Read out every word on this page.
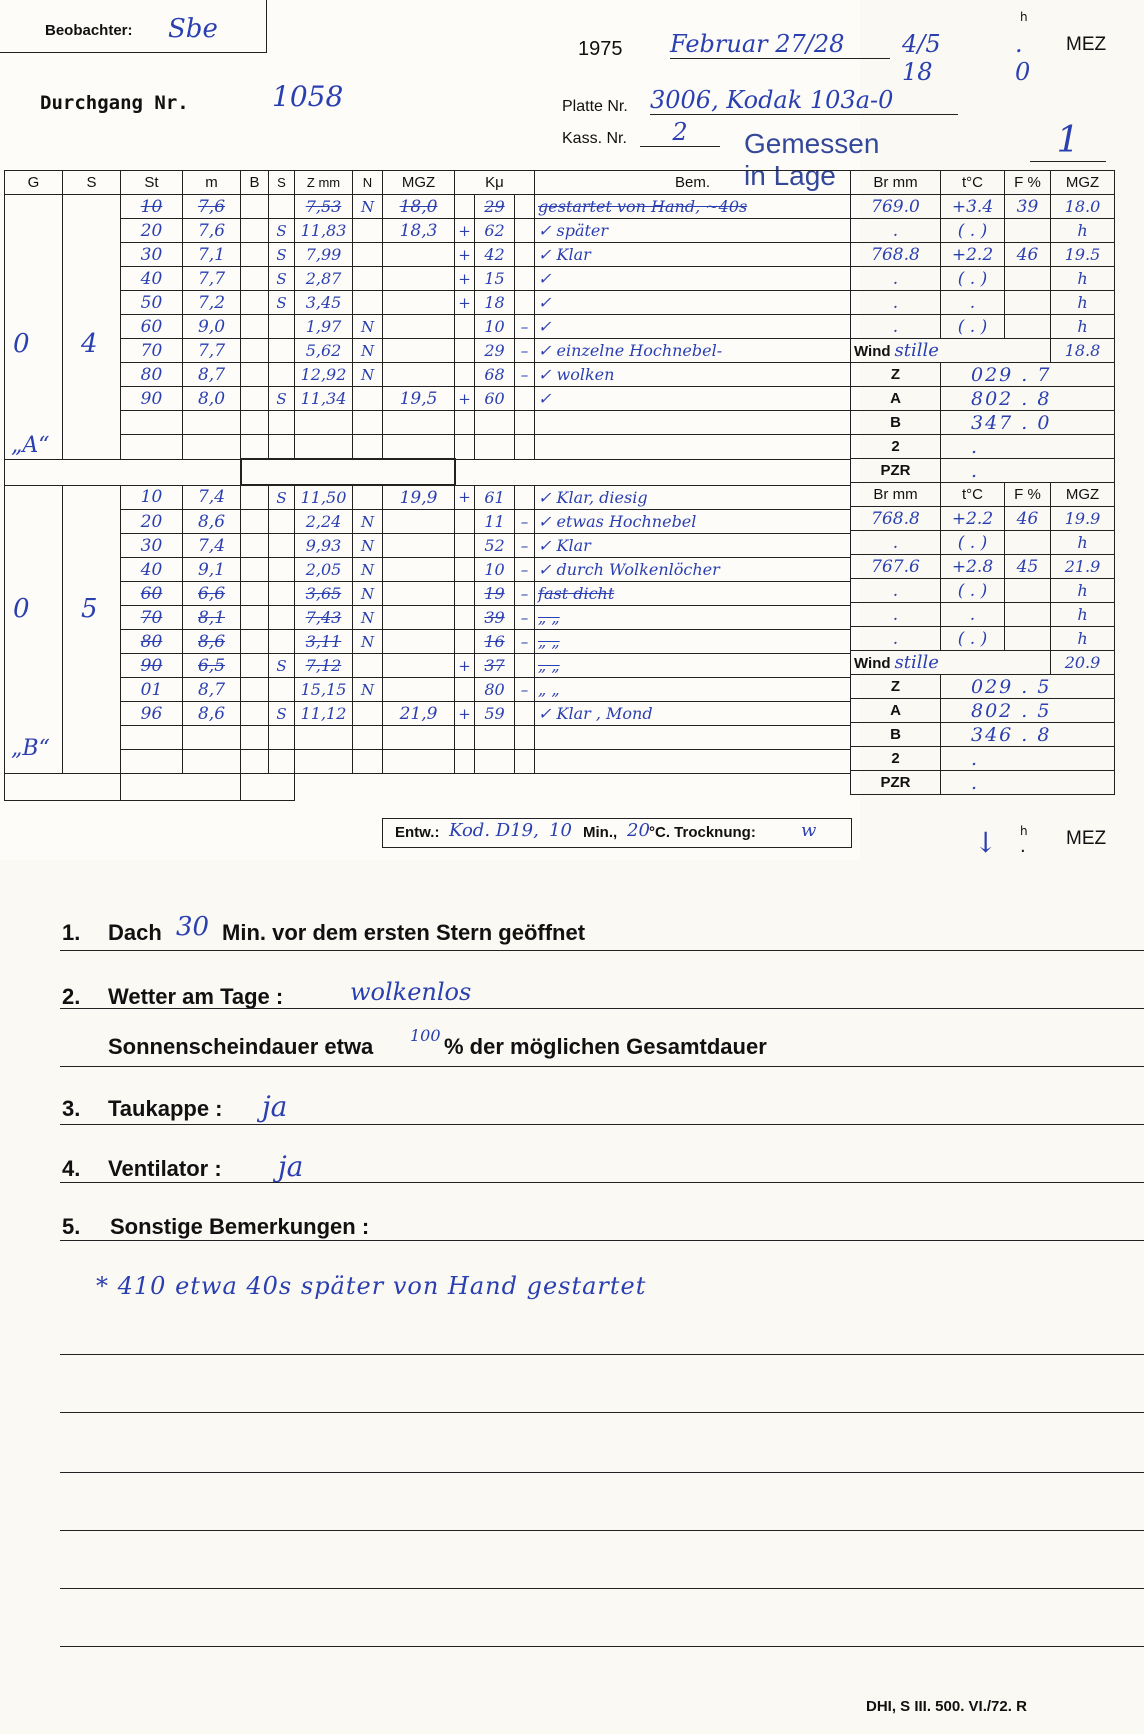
Beobachter: Sbe
1975 Februar 27/28	4/5 18
h
. 0
MEZ
Durchgang Nr.	1058	Platte Nr. 3006, Kodak 103a-0
Kass. Nr.	2	Gemessen in Lage
1
G	S	St	m	B	S	Z mm	N	MGZ	Kμ			Bem.

0
„A“	4	10	7,6			7,53	N	18,0		29		gestartet von Hand, ~40s
		20	7,6		S	11,83		18,3	+	62		✓ später
		30	7,1		S	7,99			+	42		✓ Klar
		40	7,7		S	2,87			+	15		✓
		50	7,2		S	3,45			+	18		✓
		60	9,0			1,97	N			10	–	✓
		70	7,7			5,62	N			29	–	✓ einzelne Hochnebel-
		80	8,7			12,92	N			68	–	✓ wolken
		90	8,0		S	11,34		19,5	+	60		✓

0
„B“	5	10	7,4		S	11,50		19,9	+	61		✓ Klar, diesig
		20	8,6			2,24	N			11	–	✓ etwas Hochnebel
		30	7,4			9,93	N			52	–	✓ Klar
		40	9,1			2,05	N			10	–	✓ durch Wolkenlöcher
		60	6,6			3,65	N			19	–	fast dicht
		70	8,1			7,43	N			39	–	„ „
		80	8,6			3,11	N			16	–	„ „
		90	6,5		S	7,12			+	37		„ „
		01	8,7			15,15	N			80	–	„ „
		96	8,6		S	11,12		21,9	+	59		✓ Klar , Mond

Br mm	t°C	F %	MGZ
769.0	+3.4	39	18.0
.	( . )		h
768.8	+2.2	46	19.5
.	( . )		h
.	.		h
.	( . )		h
Wind stille			18.8
Z	029 . 7		
A	802 . 8		
B	347 . 0		
2	.		
PZR	.		
Br mm	t°C	F %	MGZ
768.8	+2.2	46	19.9
.	( . )		h
767.6	+2.8	45	21.9
.	( . )		h
.	.		h
.	( . )		h
Wind stille			20.9
Z	029 . 5		
A	802 . 5		
B	346 . 8		
2	.		
PZR	.		
Entw.: Kod. D19, 10 Min., 20 °C. Trocknung:	w	h
. MEZ
↓
1. Dach 30 Min. vor dem ersten Stern geöffnet
2. Wetter am Tage :	wolkenlos
Sonnenscheindauer etwa 100 % der möglichen Gesamtdauer
3. Taukappe : ja
4. Ventilator : ja
5. Sonstige Bemerkungen :
* 410 etwa 40s später von Hand gestartet
DHI, S III. 500. VI./72. R
